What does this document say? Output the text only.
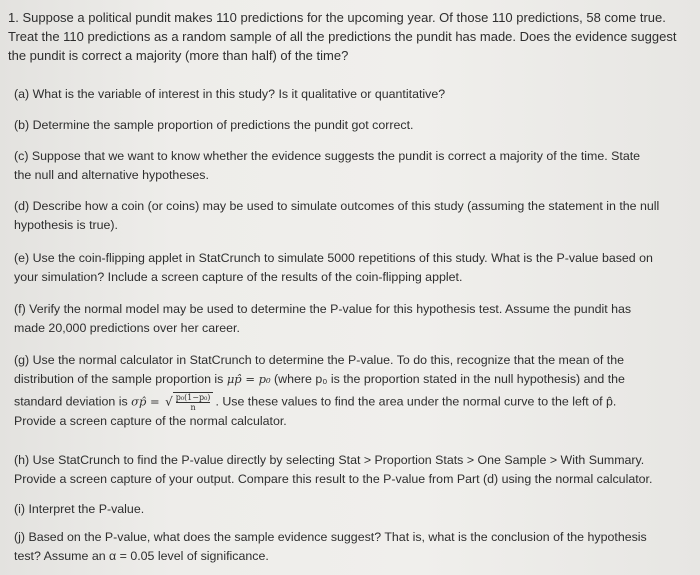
1. Suppose a political pundit makes 110 predictions for the upcoming year. Of those 110 predictions, 58 come true.
Treat the 110 predictions as a random sample of all the predictions the pundit has made. Does the evidence suggest
the pundit is correct a majority (more than half) of the time?
(a) What is the variable of interest in this study? Is it qualitative or quantitative?
(b) Determine the sample proportion of predictions the pundit got correct.
(c) Suppose that we want to know whether the evidence suggests the pundit is correct a majority of the time. State
the null and alternative hypotheses.
(d) Describe how a coin (or coins) may be used to simulate outcomes of this study (assuming the statement in the null
hypothesis is true).
(e) Use the coin-flipping applet in StatCrunch to simulate 5000 repetitions of this study. What is the P-value based on
your simulation? Include a screen capture of the results of the coin-flipping applet.
(f) Verify the normal model may be used to determine the P-value for this hypothesis test. Assume the pundit has
made 20,000 predictions over her career.
(g) Use the normal calculator in StatCrunch to determine the P-value. To do this, recognize that the mean of the
distribution of the sample proportion is μp̂ = p₀ (where p₀ is the proportion stated in the null hypothesis) and the
standard deviation is σp̂ = √ $\frac{\text{p₀(1−p₀)}}{n}$ . Use these values to find the area under the normal curve to the left of p̂.
Provide a screen capture of the normal calculator.
(h) Use StatCrunch to find the P-value directly by selecting Stat > Proportion Stats > One Sample > With Summary.
Provide a screen capture of your output. Compare this result to the P-value from Part (d) using the normal calculator.
(i) Interpret the P-value.
(j) Based on the P-value, what does the sample evidence suggest? That is, what is the conclusion of the hypothesis
test? Assume an α = 0.05 level of significance.
